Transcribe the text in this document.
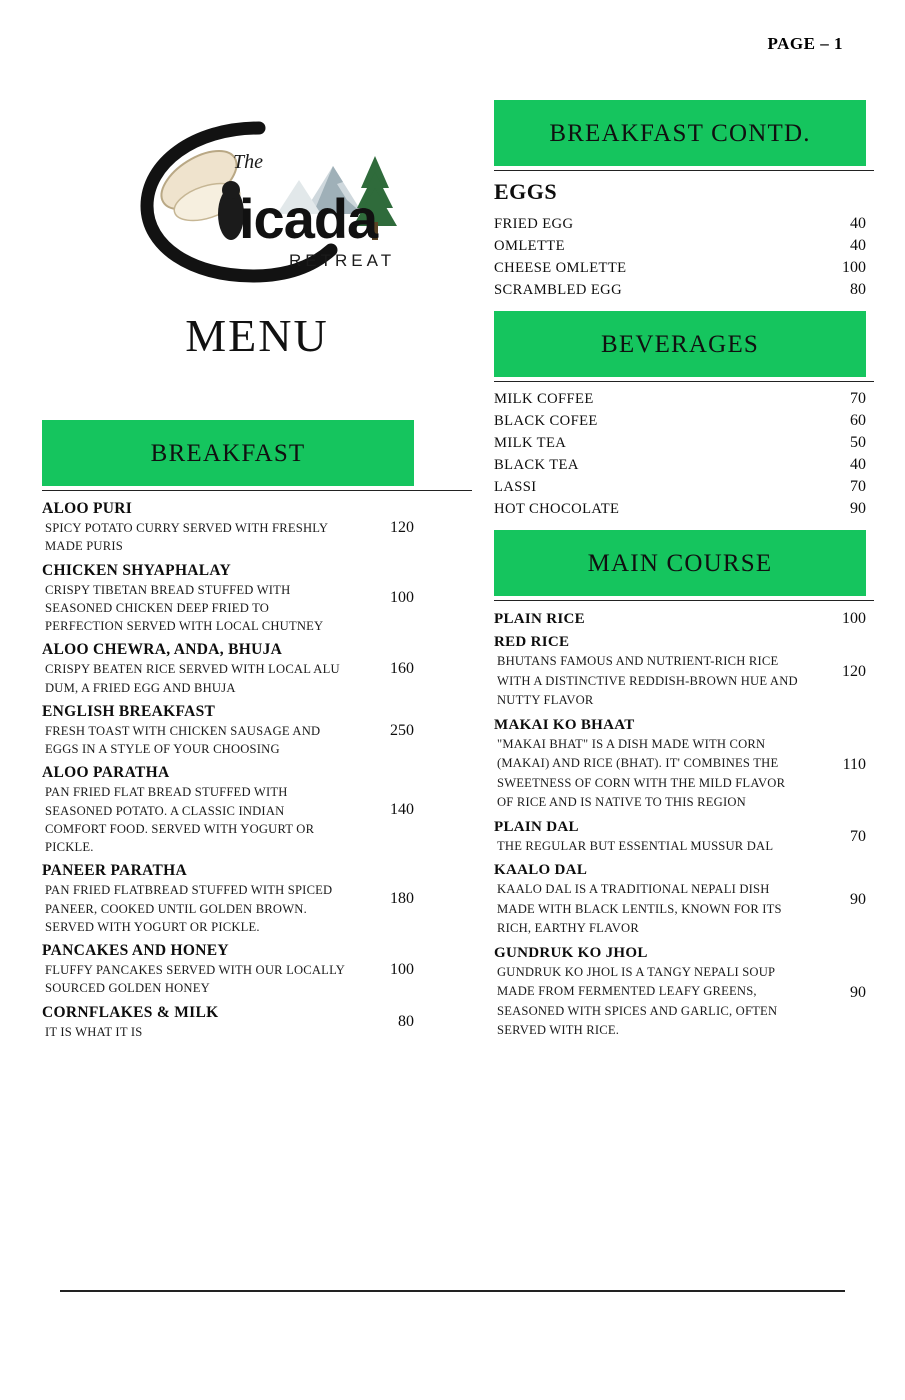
PAGE – 1
The
icada
RETREAT
MENU
BREAKFAST
ALOO PURI
SPICY POTATO CURRY SERVED WITH FRESHLY MADE PURIS
120
CHICKEN SHYAPHALAY
CRISPY TIBETAN BREAD STUFFED WITH SEASONED CHICKEN DEEP FRIED TO PERFECTION SERVED WITH LOCAL CHUTNEY
100
ALOO CHEWRA, ANDA, BHUJA
CRISPY BEATEN RICE SERVED WITH LOCAL ALU DUM, A FRIED EGG AND BHUJA
160
ENGLISH BREAKFAST
FRESH TOAST WITH CHICKEN SAUSAGE AND EGGS IN A STYLE OF YOUR CHOOSING
250
ALOO PARATHA
PAN FRIED FLAT BREAD STUFFED WITH SEASONED POTATO. A CLASSIC INDIAN COMFORT FOOD. SERVED WITH YOGURT OR PICKLE.
140
PANEER PARATHA
PAN FRIED FLATBREAD STUFFED WITH SPICED PANEER, COOKED UNTIL GOLDEN BROWN. SERVED WITH YOGURT OR PICKLE.
180
PANCAKES AND HONEY
FLUFFY PANCAKES SERVED WITH OUR LOCALLY SOURCED GOLDEN HONEY
100
CORNFLAKES & MILK
IT IS WHAT IT IS
80
BREAKFAST CONTD.
EGGS
FRIED EGG	40
OMLETTE	40
CHEESE OMLETTE	100
SCRAMBLED EGG	80
BEVERAGES
MILK COFFEE	70
BLACK COFEE	60
MILK TEA	50
BLACK TEA	40
LASSI	70
HOT CHOCOLATE	90
MAIN COURSE
PLAIN RICE	100
RED RICE
BHUTANS FAMOUS AND NUTRIENT-RICH RICE WITH A DISTINCTIVE REDDISH-BROWN HUE AND NUTTY FLAVOR
120
MAKAI KO BHAAT
"MAKAI BHAT" IS A DISH MADE WITH CORN (MAKAI) AND RICE (BHAT). IT' COMBINES THE SWEETNESS OF CORN WITH THE MILD FLAVOR OF RICE AND IS NATIVE TO THIS REGION
110
PLAIN DAL
THE REGULAR BUT ESSENTIAL MUSSUR DAL
70
KAALO DAL
KAALO DAL IS A TRADITIONAL NEPALI DISH MADE WITH BLACK LENTILS, KNOWN FOR ITS RICH, EARTHY FLAVOR
90
GUNDRUK KO JHOL
GUNDRUK KO JHOL IS A TANGY NEPALI SOUP MADE FROM FERMENTED LEAFY GREENS, SEASONED WITH SPICES AND GARLIC, OFTEN SERVED WITH RICE.
90
